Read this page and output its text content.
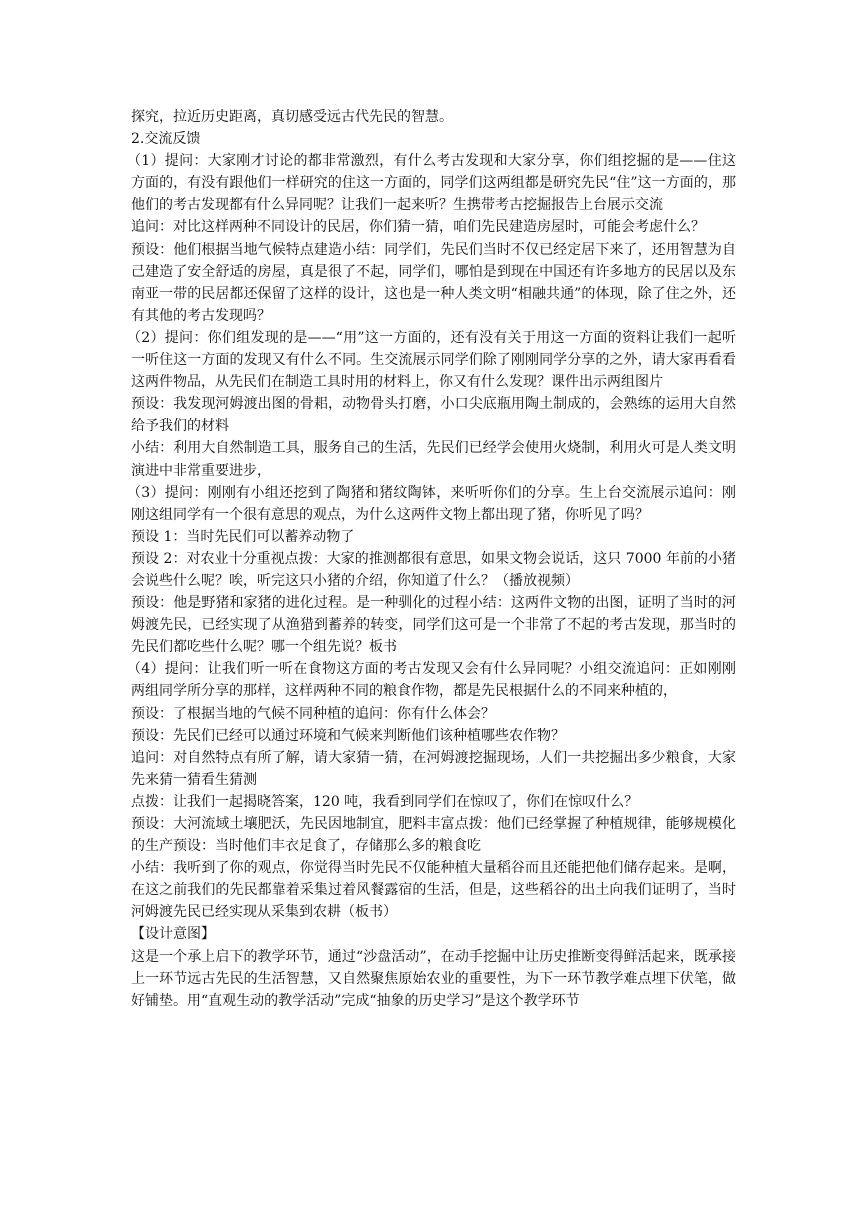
探究，拉近历史距离，真切感受远古代先民的智慧。

2.交流反馈

（1）提问：大家刚才讨论的都非常激烈，有什么考古发现和大家分享，你们组挖掘的是——住这方面的，有没有跟他们一样研究的住这一方面的，同学们这两组都是研究先民“住”这一方面的，那他们的考古发现都有什么异同呢？让我们一起来听？生携带考古挖掘报告上台展示交流

追问：对比这样两种不同设计的民居，你们猜一猜，咱们先民建造房屋时，可能会考虑什么？

预设：他们根据当地气候特点建造小结：同学们，先民们当时不仅已经定居下来了，还用智慧为自己建造了安全舒适的房屋，真是很了不起，同学们，哪怕是到现在中国还有许多地方的民居以及东南亚一带的民居都还保留了这样的设计，这也是一种人类文明“相融共通”的体现，除了住之外，还有其他的考古发现吗？

（2）提问：你们组发现的是——“用”这一方面的，还有没有关于用这一方面的资料让我们一起听一听住这一方面的发现又有什么不同。生交流展示同学们除了刚刚同学分享的之外，请大家再看看这两件物品，从先民们在制造工具时用的材料上，你又有什么发现？课件出示两组图片

预设：我发现河姆渡出图的骨耜，动物骨头打磨，小口尖底瓶用陶土制成的，会熟练的运用大自然给予我们的材料

小结：利用大自然制造工具，服务自己的生活，先民们已经学会使用火烧制，利用火可是人类文明演进中非常重要进步，

（3）提问：刚刚有小组还挖到了陶猪和猪纹陶钵，来听听你们的分享。生上台交流展示追问：刚刚这组同学有一个很有意思的观点，为什么这两件文物上都出现了猪，你听见了吗？

预设 1：当时先民们可以蓄养动物了

预设 2：对农业十分重视点拨：大家的推测都很有意思，如果文物会说话，这只 7000 年前的小猪会说些什么呢？唉，听完这只小猪的介绍，你知道了什么？（播放视频）

预设：他是野猪和家猪的进化过程。是一种驯化的过程小结：这两件文物的出图，证明了当时的河姆渡先民，已经实现了从渔猎到蓄养的转变，同学们这可是一个非常了不起的考古发现，那当时的先民们都吃些什么呢？哪一个组先说？板书

（4）提问：让我们听一听在食物这方面的考古发现又会有什么异同呢？小组交流追问：正如刚刚两组同学所分享的那样，这样两种不同的粮食作物，都是先民根据什么的不同来种植的，

预设：了根据当地的气候不同种植的追问：你有什么体会？

预设：先民们已经可以通过环境和气候来判断他们该种植哪些农作物？

追问：对自然特点有所了解，请大家猜一猜，在河姆渡挖掘现场，人们一共挖掘出多少粮食，大家先来猜一猜看生猜测

点拨：让我们一起揭晓答案，120 吨，我看到同学们在惊叹了，你们在惊叹什么？

预设：大河流域土壤肥沃，先民因地制宜，肥料丰富点拨：他们已经掌握了种植规律，能够规模化的生产预设：当时他们丰衣足食了，存储那么多的粮食吃

小结：我听到了你的观点，你觉得当时先民不仅能种植大量稻谷而且还能把他们储存起来。是啊，在这之前我们的先民都靠着采集过着风餐露宿的生活，但是，这些稻谷的出土向我们证明了，当时河姆渡先民已经实现从采集到农耕（板书）

【设计意图】

这是一个承上启下的教学环节，通过“沙盘活动”，在动手挖掘中让历史推断变得鲜活起来，既承接上一环节远古先民的生活智慧，又自然聚焦原始农业的重要性，为下一环节教学难点埋下伏笔，做好铺垫。用“直观生动的教学活动”完成“抽象的历史学习”是这个教学环节
